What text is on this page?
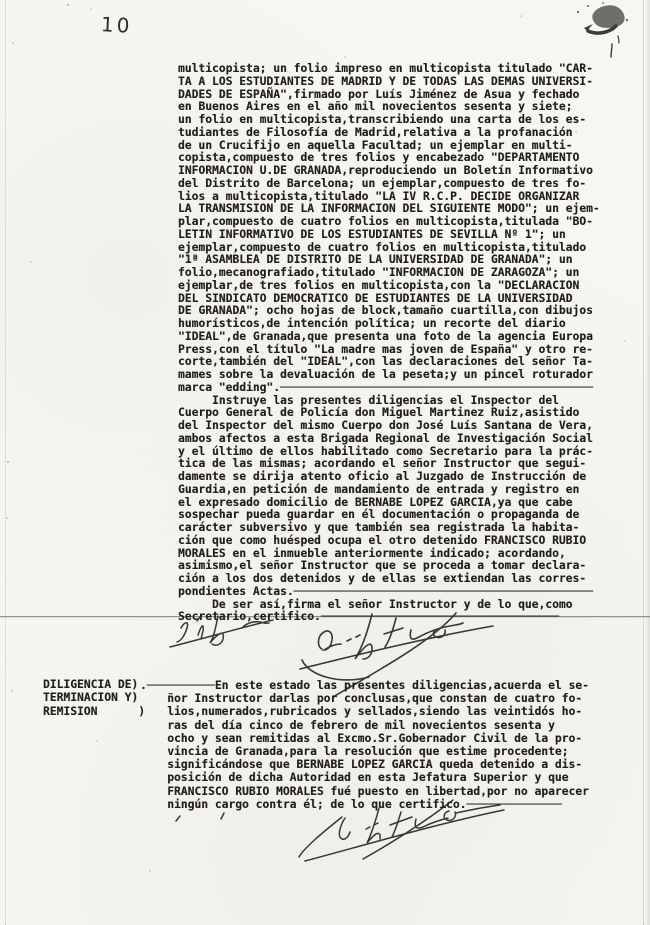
10
multicopista; un folio impreso en multicopista titulado "CAR-
TA A LOS ESTUDIANTES DE MADRID Y DE TODAS LAS DEMAS UNIVERSI-
DADES DE ESPAÑA",firmado por Luís Jiménez de Asua y fechado
en Buenos Aires en el año mil novecientos sesenta y siete;
un folio en multicopista,transcribiendo una carta de los es-
tudiantes de Filosofía de Madrid,relativa a la profanación
de un Crucifijo en aquella Facultad; un ejemplar en multi-
copista,compuesto de tres folios y encabezado "DEPARTAMENTO
INFORMACION U.DE GRANADA,reproduciendo un Boletín Informativo
del Distrito de Barcelona; un ejemplar,compuesto de tres fo-
lios a multicopista,titulado "LA IV R.C.P. DECIDE ORGANIZAR
LA TRANSMISION DE LA INFORMACION DEL SIGUIENTE MODO"; un ejem-
plar,compuesto de cuatro folios en multicopista,titulada "BO-
LETIN INFORMATIVO DE LOS ESTUDIANTES DE SEVILLA Nº 1"; un
ejemplar,compuesto de cuatro folios en multicopista,titulado
"1ª ASAMBLEA DE DISTRITO DE LA UNIVERSIDAD DE GRANADA"; un
folio,mecanografiado,titulado "INFORMACION DE ZARAGOZA"; un
ejemplar,de tres folios en multicopista,con la "DECLARACION
DEL SINDICATO DEMOCRATICO DE ESTUDIANTES DE LA UNIVERSIDAD
DE GRANADA"; ocho hojas de block,tamaño cuartilla,con dibujos
humorísticos,de intención política; un recorte del diario
"IDEAL",de Granada,que presenta una foto de la agencia Europa
Press,con el título "La madre mas joven de España" y otro re-
corte,también del "IDEAL",con las declaraciones del señor Ta-
mames sobre la devaluación de la peseta;y un pincel roturador
marca "edding".──────────────────────────────────────────────
Instruye las presentes diligencias el Inspector del
Cuerpo General de Policía don Miguel Martinez Ruiz,asistido
del Inspector del mismo Cuerpo don José Luís Santana de Vera,
ambos afectos a esta Brigada Regional de Investigación Social
y el último de ellos habilitado como Secretario para la prác-
tica de las mismas; acordando el señor Instructor que segui-
damente se dirija atento oficio al Juzgado de Instrucción de
Guardia,en petición de mandamiento de entrada y registro en
el expresado domicilio de BERNABE LOPEZ GARCIA,ya que cabe
sospechar pueda guardar en él documentación o propaganda de
carácter subversivo y que también sea registrada la habita-
ción que como huésped ocupa el otro detenido FRANCISCO RUBIO
MORALES en el inmueble anteriormente indicado; acordando,
asimismo,el señor Instructor que se proceda a tomar declara-
ción a los dos detenidos y de ellas se extiendan las corres-
pondientes Actas.────────────────────────────────────────────
De ser así,firma el señor Instructor y de lo que,como
Secretario,certifico.───────────────────────────────────
DILIGENCIA DE)
TERMINACION Y)
REMISION      )
.──────────En este estado las presentes diligencias,acuerda el se-
ñor Instructor darlas por conclusas,que constan de cuatro fo-
lios,numerados,rubricados y sellados,siendo las veintidós ho-
ras del día cinco de febrero de mil novecientos sesenta y
ocho y sean remitidas al Excmo.Sr.Gobernador Civil de la pro-
vincia de Granada,para la resolución que estime procedente;
significándose que BERNABE LOPEZ GARCIA queda detenido a dis-
posición de dicha Autoridad en esta Jefatura Superior y que
FRANCISCO RUBIO MORALES fué puesto en libertad,por no aparecer
ningún cargo contra él; de lo que certifico.──────────────
